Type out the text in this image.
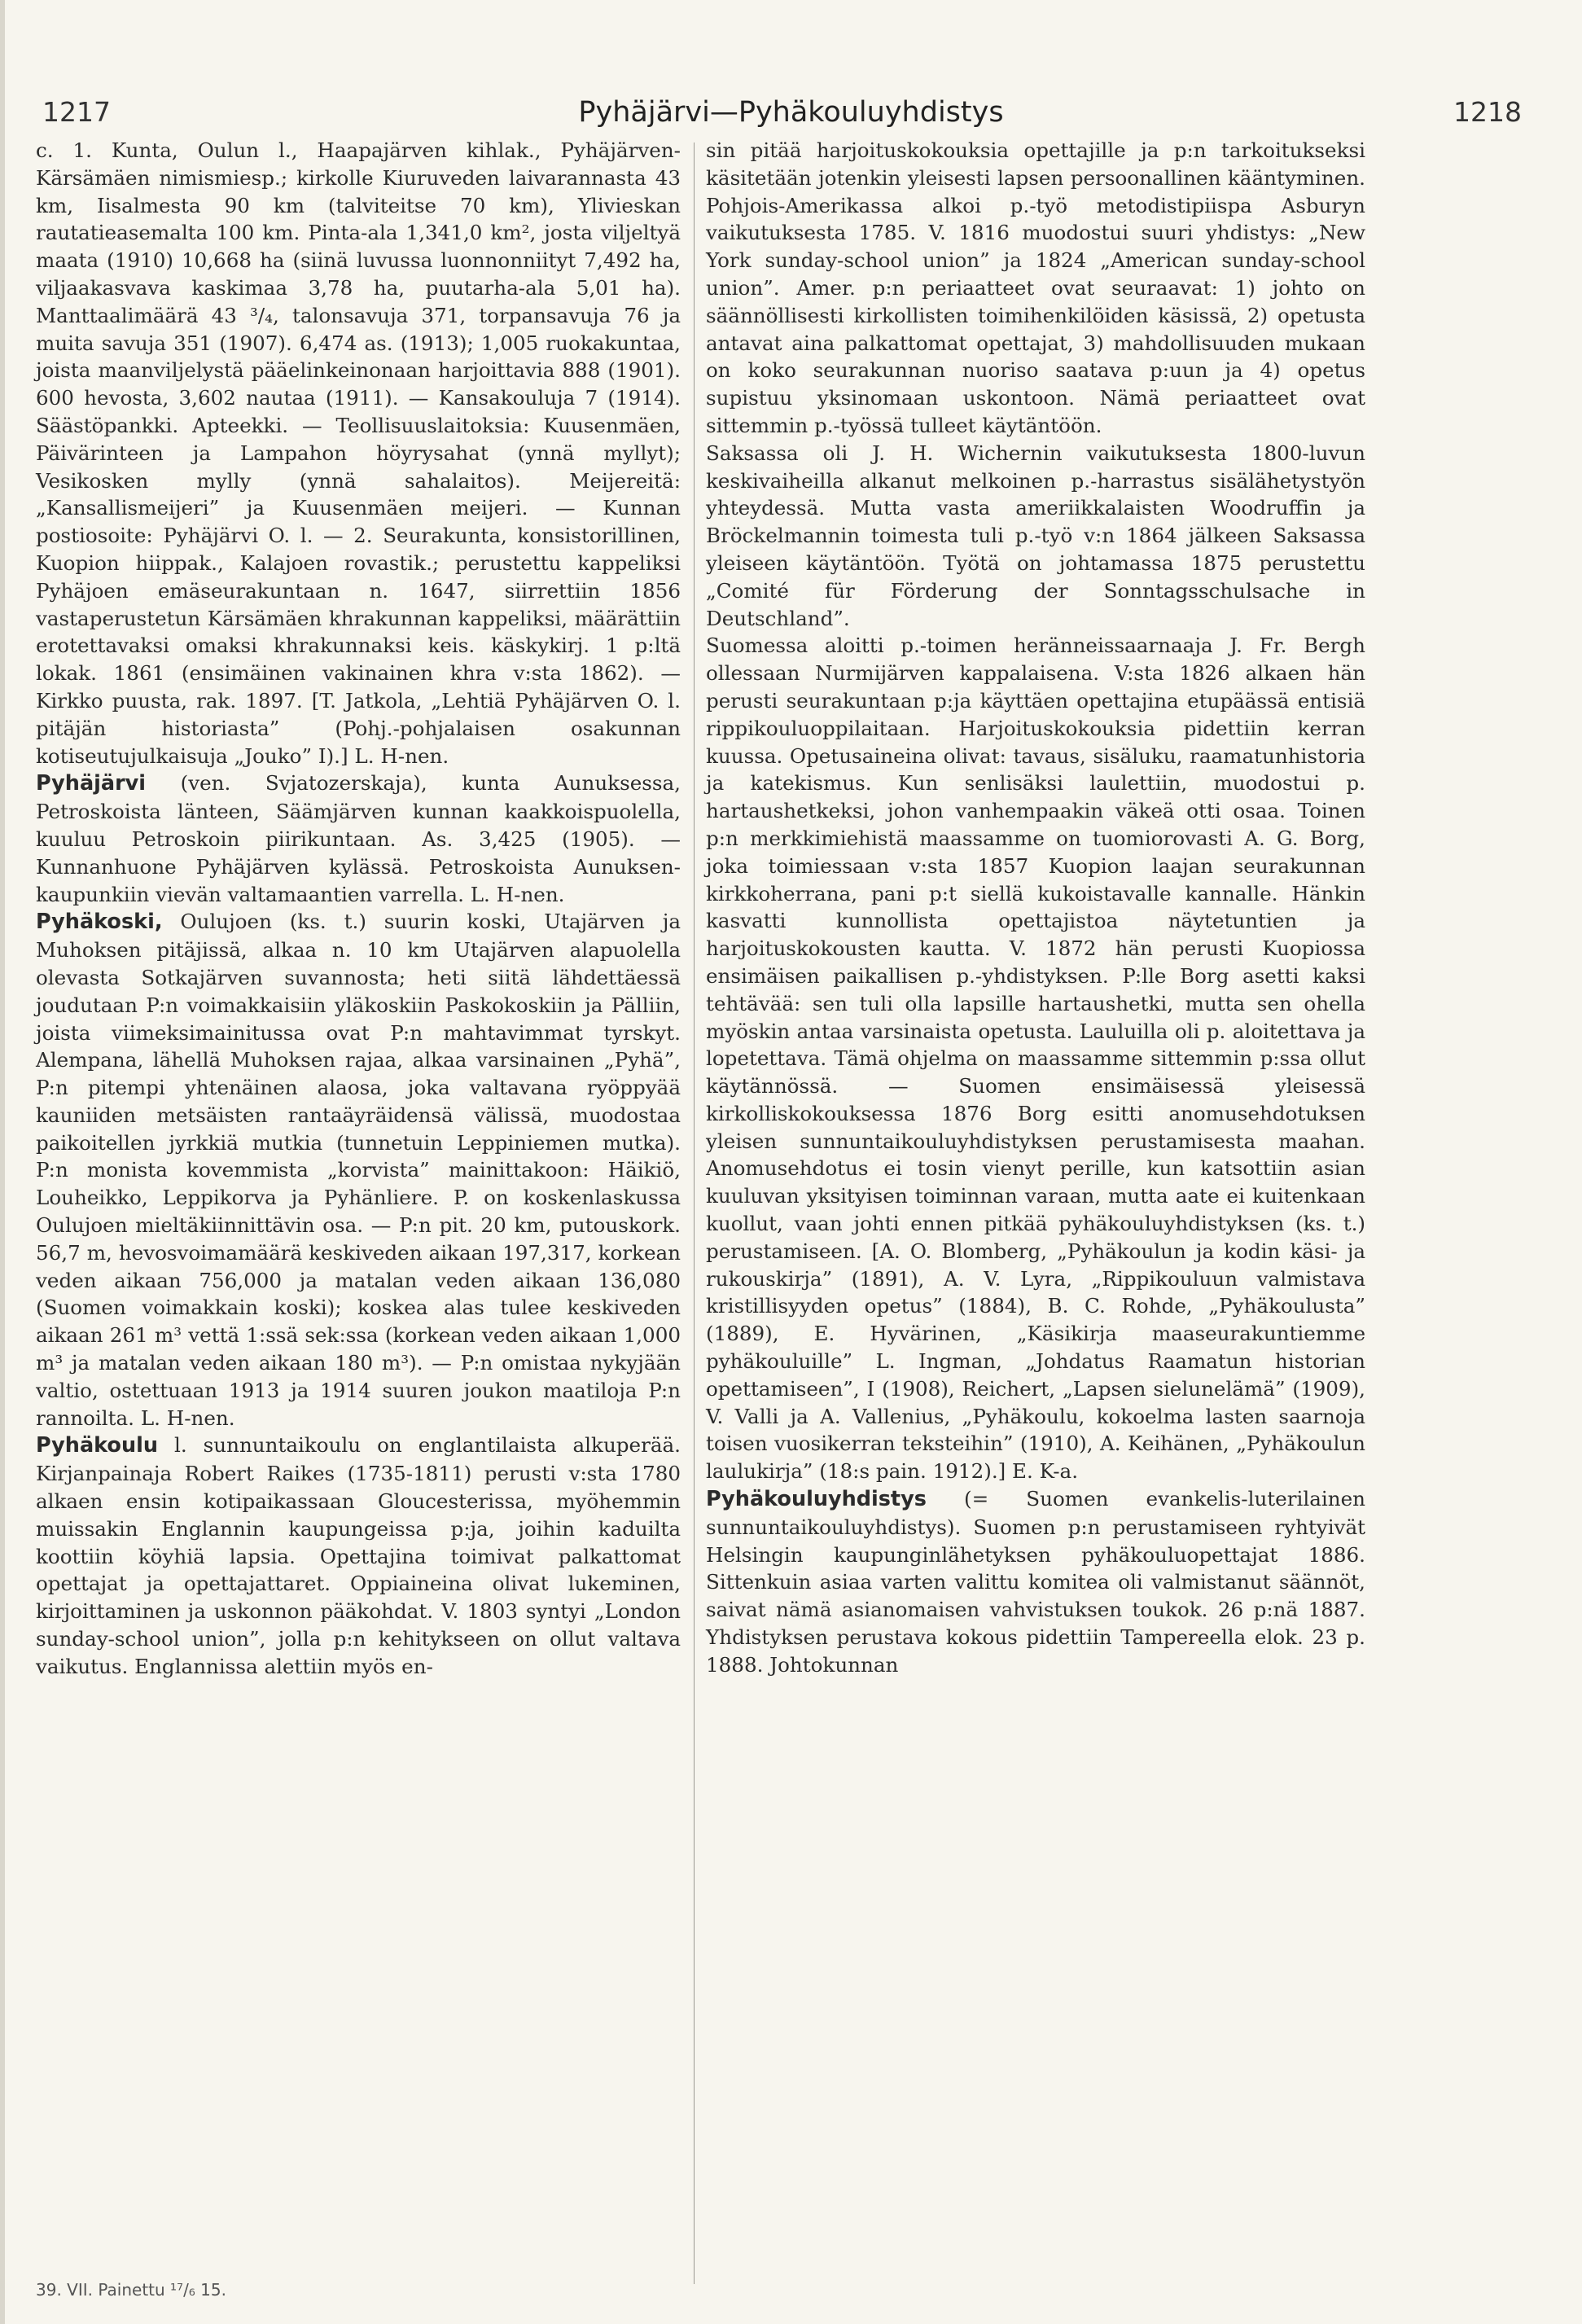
1217	Pyhäjärvi—Pyhäkouluyhdistys	1218

c. 1. Kunta, Oulun l., Haapajärven kihlak., Pyhäjärven-Kärsämäen nimismiesp.; kirkolle Kiuruveden laivarannasta 43 km, Iisalmesta 90 km (talviteitse 70 km), Ylivieskan rautatieasemalta 100 km. Pinta-ala 1,341,0 km², josta viljeltyä maata (1910) 10,668 ha (siinä luvussa luonnonniityt 7,492 ha, viljaakasvava kaskimaa 3,78 ha, puutarha-ala 5,01 ha). Manttaalimäärä 43 ³/₄, talonsavuja 371, torpansavuja 76 ja muita savuja 351 (1907). 6,474 as. (1913); 1,005 ruokakuntaa, joista maanviljelystä pääelinkeinonaan harjoittavia 888 (1901). 600 hevosta, 3,602 nautaa (1911). — Kansakouluja 7 (1914). Säästöpankki. Apteekki. — Teollisuuslaitoksia: Kuusenmäen, Päivärinteen ja Lampahon höyrysahat (ynnä myllyt); Vesikosken mylly (ynnä sahalaitos). Meijereitä: „Kansallismeijeri” ja Kuusenmäen meijeri. — Kunnan postiosoite: Pyhäjärvi O. l. — 2. Seurakunta, konsistorillinen, Kuopion hiippak., Kalajoen rovastik.; perustettu kappeliksi Pyhäjoen emäseurakuntaan n. 1647, siirrettiin 1856 vastaperustetun Kärsämäen khrakunnan kappeliksi, määrättiin erotettavaksi omaksi khrakunnaksi keis. käskykirj. 1 p:ltä lokak. 1861 (ensimäinen vakinainen khra v:sta 1862). — Kirkko puusta, rak. 1897. [T. Jatkola, „Lehtiä Pyhäjärven O. l. pitäjän historiasta” (Pohj.-pohjalaisen osakunnan kotiseutujulkaisuja „Jouko” I).] L. H-nen.

Pyhäjärvi (ven. Svjatozerskaja), kunta Aunuksessa, Petroskoista länteen, Säämjärven kunnan kaakkoispuolella, kuuluu Petroskoin piirikuntaan. As. 3,425 (1905). — Kunnanhuone Pyhäjärven kylässä. Petroskoista Aunuksen-kaupunkiin vievän valtamaantien varrella. L. H-nen.

Pyhäkoski, Oulujoen (ks. t.) suurin koski, Utajärven ja Muhoksen pitäjissä, alkaa n. 10 km Utajärven alapuolella olevasta Sotkajärven suvannosta; heti siitä lähdettäessä joudutaan P:n voimakkaisiin yläkoskiin Paskokoskiin ja Pälliin, joista viimeksimainitussa ovat P:n mahtavimmat tyrskyt. Alempana, lähellä Muhoksen rajaa, alkaa varsinainen „Pyhä”, P:n pitempi yhtenäinen alaosa, joka valtavana ryöppyää kauniiden metsäisten rantaäyräidensä välissä, muodostaa paikoitellen jyrkkiä mutkia (tunnetuin Leppiniemen mutka). P:n monista kovemmista „korvista” mainittakoon: Häikiö, Louheikko, Leppikorva ja Pyhänliere. P. on koskenlaskussa Oulujoen mieltäkiinnittävin osa. — P:n pit. 20 km, putouskork. 56,7 m, hevosvoimamäärä keskiveden aikaan 197,317, korkean veden aikaan 756,000 ja matalan veden aikaan 136,080 (Suomen voimakkain koski); koskea alas tulee keskiveden aikaan 261 m³ vettä 1:ssä sek:ssa (korkean veden aikaan 1,000 m³ ja matalan veden aikaan 180 m³). — P:n omistaa nykyjään valtio, ostettuaan 1913 ja 1914 suuren joukon maatiloja P:n rannoilta. L. H-nen.

Pyhäkoulu l. sunnuntaikoulu on englantilaista alkuperää. Kirjanpainaja Robert Raikes (1735-1811) perusti v:sta 1780 alkaen ensin kotipaikassaan Gloucesterissa, myöhemmin muissakin Englannin kaupungeissa p:ja, joihin kaduilta koottiin köyhiä lapsia. Opettajina toimivat palkattomat opettajat ja opettajattaret. Oppiaineina olivat lukeminen, kirjoittaminen ja uskonnon pääkohdat. V. 1803 syntyi „London sunday-school union”, jolla p:n kehitykseen on ollut valtava vaikutus. Englannissa alettiin myös en-

sin pitää harjoituskokouksia opettajille ja p:n tarkoitukseksi käsitetään jotenkin yleisesti lapsen persoonallinen kääntyminen. Pohjois-Amerikassa alkoi p.-työ metodistipiispa Asburyn vaikutuksesta 1785. V. 1816 muodostui suuri yhdistys: „New York sunday-school union” ja 1824 „American sunday-school union”. Amer. p:n periaatteet ovat seuraavat: 1) johto on säännöllisesti kirkollisten toimihenkilöiden käsissä, 2) opetusta antavat aina palkattomat opettajat, 3) mahdollisuuden mukaan on koko seurakunnan nuoriso saatava p:uun ja 4) opetus supistuu yksinomaan uskontoon. Nämä periaatteet ovat sittemmin p.-työssä tulleet käytäntöön.

Saksassa oli J. H. Wichernin vaikutuksesta 1800-luvun keskivaiheilla alkanut melkoinen p.-harrastus sisälähetystyön yhteydessä. Mutta vasta ameriikkalaisten Woodruffin ja Bröckelmannin toimesta tuli p.-työ v:n 1864 jälkeen Saksassa yleiseen käytäntöön. Työtä on johtamassa 1875 perustettu „Comité für Förderung der Sonntagsschulsache in Deutschland”.

Suomessa aloitti p.-toimen heränneissaarnaaja J. Fr. Bergh ollessaan Nurmijärven kappalaisena. V:sta 1826 alkaen hän perusti seurakuntaan p:ja käyttäen opettajina etupäässä entisiä rippikouluoppilaitaan. Harjoituskokouksia pidettiin kerran kuussa. Opetusaineina olivat: tavaus, sisäluku, raamatunhistoria ja katekismus. Kun senlisäksi laulettiin, muodostui p. hartaushetkeksi, johon vanhempaakin väkeä otti osaa. Toinen p:n merkkimiehistä maassamme on tuomiorovasti A. G. Borg, joka toimiessaan v:sta 1857 Kuopion laajan seurakunnan kirkkoherrana, pani p:t siellä kukoistavalle kannalle. Hänkin kasvatti kunnollista opettajistoa näytetuntien ja harjoituskokousten kautta. V. 1872 hän perusti Kuopiossa ensimäisen paikallisen p.-yhdistyksen. P:lle Borg asetti kaksi tehtävää: sen tuli olla lapsille hartaushetki, mutta sen ohella myöskin antaa varsinaista opetusta. Lauluilla oli p. aloitettava ja lopetettava. Tämä ohjelma on maassamme sittemmin p:ssa ollut käytännössä. — Suomen ensimäisessä yleisessä kirkolliskokouksessa 1876 Borg esitti anomusehdotuksen yleisen sunnuntaikouluyhdistyksen perustamisesta maahan. Anomusehdotus ei tosin vienyt perille, kun katsottiin asian kuuluvan yksityisen toiminnan varaan, mutta aate ei kuitenkaan kuollut, vaan johti ennen pitkää pyhäkouluyhdistyksen (ks. t.) perustamiseen. [A. O. Blomberg, „Pyhäkoulun ja kodin käsi- ja rukouskirja” (1891), A. V. Lyra, „Rippikouluun valmistava kristillisyyden opetus” (1884), B. C. Rohde, „Pyhäkoulusta” (1889), E. Hyvärinen, „Käsikirja maaseurakuntiemme pyhäkouluille” L. Ingman, „Johdatus Raamatun historian opettamiseen”, I (1908), Reichert, „Lapsen sielunelämä” (1909), V. Valli ja A. Vallenius, „Pyhäkoulu, kokoelma lasten saarnoja toisen vuosikerran teksteihin” (1910), A. Keihänen, „Pyhäkoulun laulukirja” (18:s pain. 1912).] E. K-a.

Pyhäkouluyhdistys (= Suomen evankelis-luterilainen sunnuntaikouluyhdistys). Suomen p:n perustamiseen ryhtyivät Helsingin kaupunginlähetyksen pyhäkouluopettajat 1886. Sittenkuin asiaa varten valittu komitea oli valmistanut säännöt, saivat nämä asianomaisen vahvistuksen toukok. 26 p:nä 1887. Yhdistyksen perustava kokous pidettiin Tampereella elok. 23 p. 1888. Johtokunnan

39. VII. Painettu ¹⁷/₆ 15.
